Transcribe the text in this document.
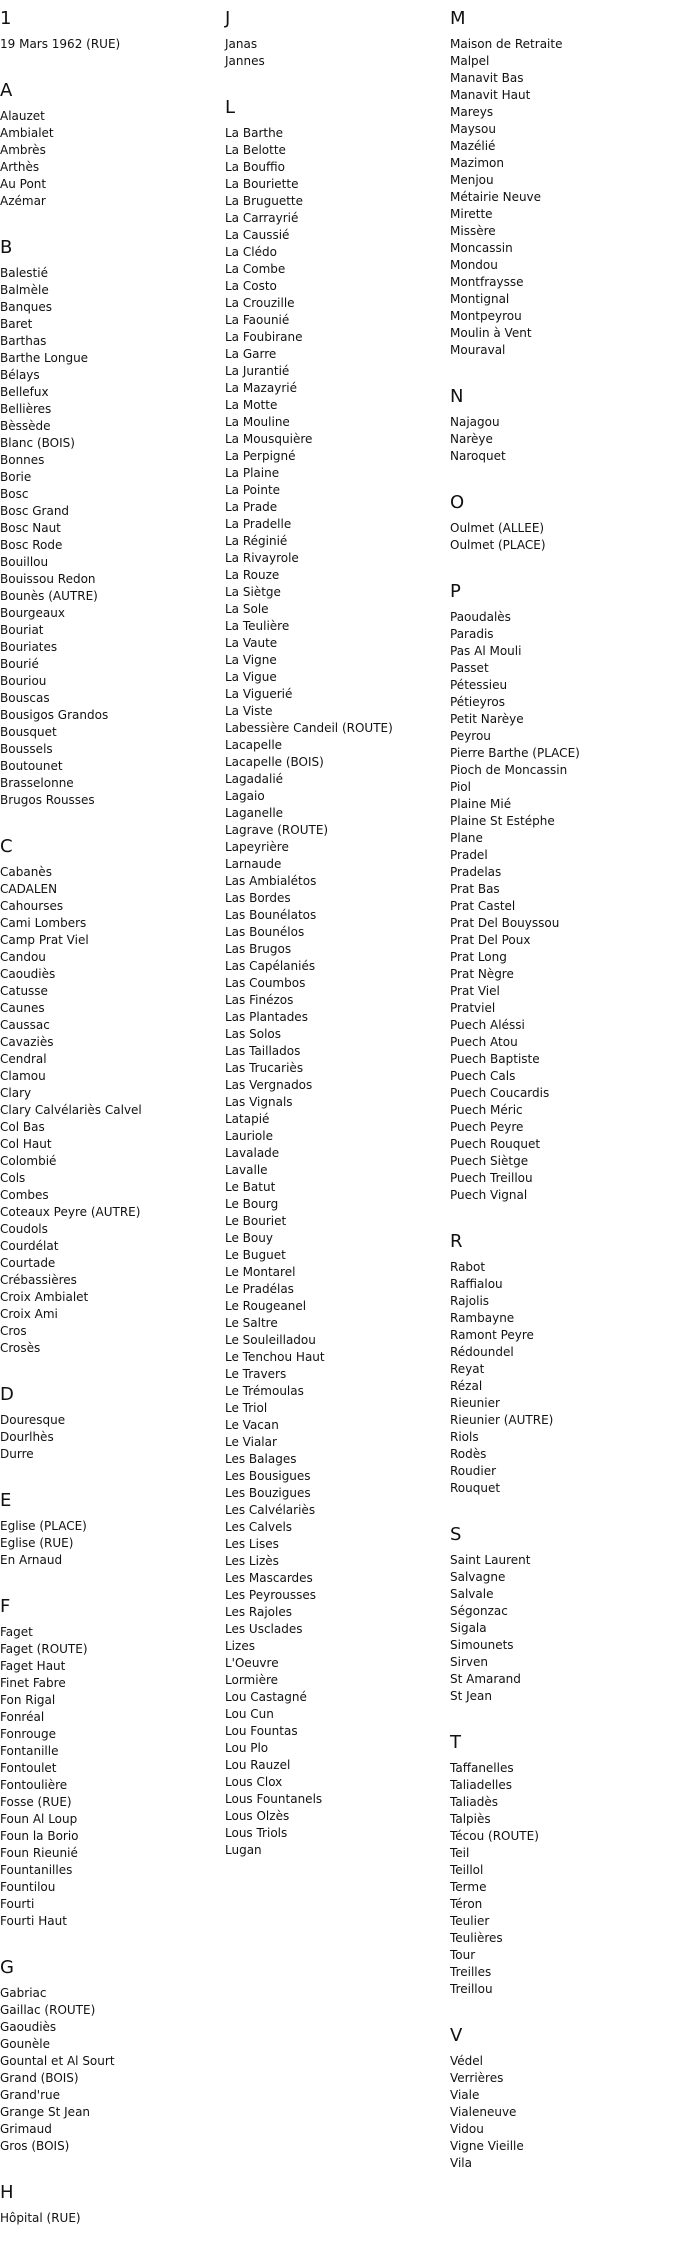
1
19 Mars 1962 (RUE)
A
Alauzet
Ambialet
Ambrès
Arthès
Au Pont
Azémar
B
Balestié
Balmèle
Banques
Baret
Barthas
Barthe Longue
Bélays
Bellefux
Bellières
Bèssède
Blanc (BOIS)
Bonnes
Borie
Bosc
Bosc Grand
Bosc Naut
Bosc Rode
Bouillou
Bouissou Redon
Bounès (AUTRE)
Bourgeaux
Bouriat
Bouriates
Bourié
Bouriou
Bouscas
Bousigos Grandos
Bousquet
Boussels
Boutounet
Brasselonne
Brugos Rousses
C
Cabanès
CADALEN
Cahourses
Cami Lombers
Camp Prat Viel
Candou
Caoudiès
Catusse
Caunes
Caussac
Cavaziès
Cendral
Clamou
Clary
Clary Calvélariès Calvel
Col Bas
Col Haut
Colombié
Cols
Combes
Coteaux Peyre (AUTRE)
Coudols
Courdélat
Courtade
Crébassières
Croix Ambialet
Croix Ami
Cros
Crosès
D
Douresque
Dourlhès
Durre
E
Eglise (PLACE)
Eglise (RUE)
En Arnaud
F
Faget
Faget (ROUTE)
Faget Haut
Finet Fabre
Fon Rigal
Fonréal
Fonrouge
Fontanille
Fontoulet
Fontoulière
Fosse (RUE)
Foun Al Loup
Foun la Borio
Foun Rieunié
Fountanilles
Fountilou
Fourti
Fourti Haut
G
Gabriac
Gaillac (ROUTE)
Gaoudiès
Gounèle
Gountal et Al Sourt
Grand (BOIS)
Grand'rue
Grange St Jean
Grimaud
Gros (BOIS)
H
Hôpital (RUE)
J
Janas
Jannes
L
La Barthe
La Belotte
La Bouffio
La Bouriette
La Bruguette
La Carrayrié
La Caussié
La Clédo
La Combe
La Costo
La Crouzille
La Faounié
La Foubirane
La Garre
La Jurantié
La Mazayrié
La Motte
La Mouline
La Mousquière
La Perpigné
La Plaine
La Pointe
La Prade
La Pradelle
La Réginié
La Rivayrole
La Rouze
La Siètge
La Sole
La Teulière
La Vaute
La Vigne
La Vigue
La Viguerié
La Viste
Labessière Candeil (ROUTE)
Lacapelle
Lacapelle (BOIS)
Lagadalié
Lagaio
Laganelle
Lagrave (ROUTE)
Lapeyrière
Larnaude
Las Ambialétos
Las Bordes
Las Bounélatos
Las Bounélos
Las Brugos
Las Capélaniés
Las Coumbos
Las Finézos
Las Plantades
Las Solos
Las Taillados
Las Trucariès
Las Vergnados
Las Vignals
Latapié
Lauriole
Lavalade
Lavalle
Le Batut
Le Bourg
Le Bouriet
Le Bouy
Le Buguet
Le Montarel
Le Pradélas
Le Rougeanel
Le Saltre
Le Souleilladou
Le Tenchou Haut
Le Travers
Le Trémoulas
Le Triol
Le Vacan
Le Vialar
Les Balages
Les Bousigues
Les Bouzigues
Les Calvélariès
Les Calvels
Les Lises
Les Lizès
Les Mascardes
Les Peyrousses
Les Rajoles
Les Usclades
Lizes
L'Oeuvre
Lormière
Lou Castagné
Lou Cun
Lou Fountas
Lou Plo
Lou Rauzel
Lous Clox
Lous Fountanels
Lous Olzès
Lous Triols
Lugan
M
Maison de Retraite
Malpel
Manavit Bas
Manavit Haut
Mareys
Maysou
Mazélié
Mazimon
Menjou
Métairie Neuve
Mirette
Missère
Moncassin
Mondou
Montfraysse
Montignal
Montpeyrou
Moulin à Vent
Mouraval
N
Najagou
Narèye
Naroquet
O
Oulmet (ALLEE)
Oulmet (PLACE)
P
Paoudalès
Paradis
Pas Al Mouli
Passet
Pétessieu
Pétieyros
Petit Narèye
Peyrou
Pierre Barthe (PLACE)
Pioch de Moncassin
Piol
Plaine Mié
Plaine St Estéphe
Plane
Pradel
Pradelas
Prat Bas
Prat Castel
Prat Del Bouyssou
Prat Del Poux
Prat Long
Prat Nègre
Prat Viel
Pratviel
Puech Aléssi
Puech Atou
Puech Baptiste
Puech Cals
Puech Coucardis
Puech Méric
Puech Peyre
Puech Rouquet
Puech Siètge
Puech Treillou
Puech Vignal
R
Rabot
Raffialou
Rajolis
Rambayne
Ramont Peyre
Rédoundel
Reyat
Rézal
Rieunier
Rieunier (AUTRE)
Riols
Rodès
Roudier
Rouquet
S
Saint Laurent
Salvagne
Salvale
Ségonzac
Sigala
Simounets
Sirven
St Amarand
St Jean
T
Taffanelles
Taliadelles
Taliadès
Talpiès
Técou (ROUTE)
Teil
Teillol
Terme
Téron
Teulier
Teulières
Tour
Treilles
Treillou
V
Védel
Verrières
Viale
Vialeneuve
Vidou
Vigne Vieille
Vila
